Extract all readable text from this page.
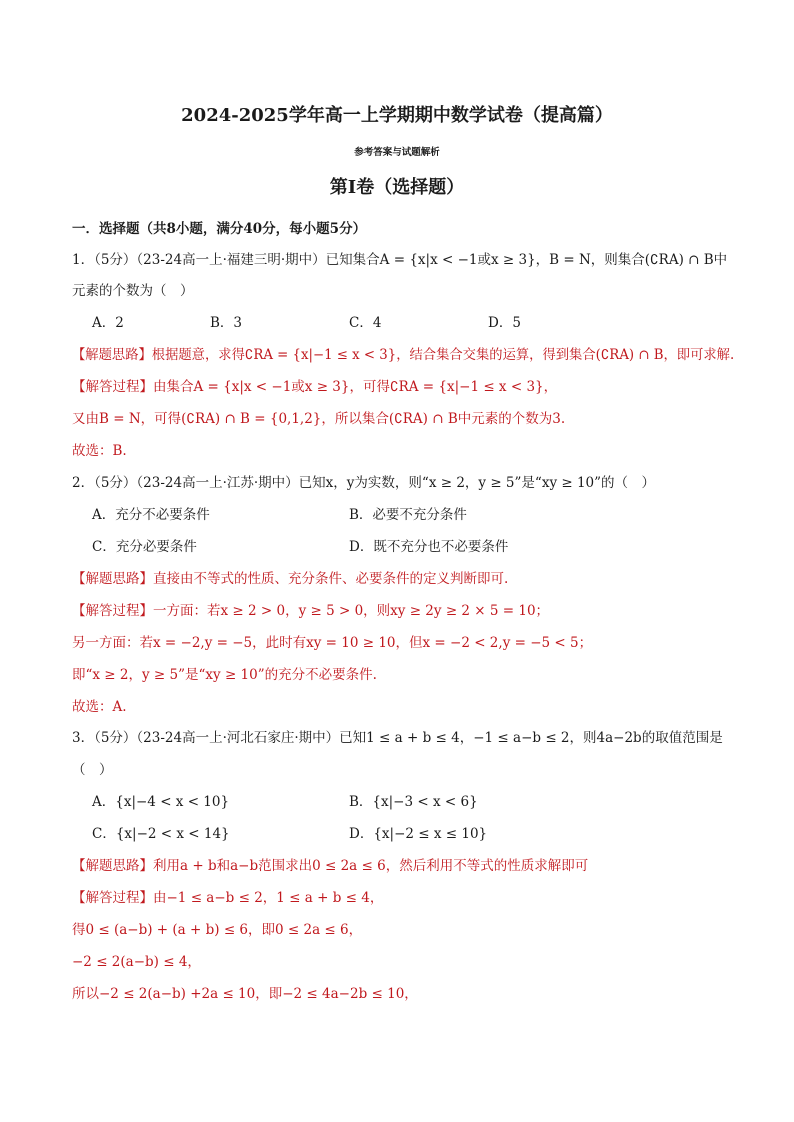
2024-2025学年高一上学期期中数学试卷（提高篇）
参考答案与试题解析
第Ⅰ卷（选择题）
一．选择题（共8小题，满分40分，每小题5分）
1．（5分）（23-24高一上·福建三明·期中）已知集合A = {x|x < −1或x ≥ 3}，B = N，则集合(∁RA) ∩ B中
元素的个数为（　）
A．2	B．3	C．4	D．5
【解题思路】根据题意，求得∁RA = {x|−1 ≤ x < 3}，结合集合交集的运算，得到集合(∁RA) ∩ B，即可求解.
【解答过程】由集合A = {x|x < −1或x ≥ 3}，可得∁RA = {x|−1 ≤ x < 3}，
又由B = N，可得(∁RA) ∩ B = {0,1,2}，所以集合(∁RA) ∩ B中元素的个数为3.
故选：B.
2．（5分）（23-24高一上·江苏·期中）已知x，y为实数，则“x ≥ 2，y ≥ 5”是“xy ≥ 10”的（　）
A．充分不必要条件	B．必要不充分条件
C．充分必要条件	D．既不充分也不必要条件
【解题思路】直接由不等式的性质、充分条件、必要条件的定义判断即可.
【解答过程】一方面：若x ≥ 2 > 0，y ≥ 5 > 0，则xy ≥ 2y ≥ 2 × 5 = 10；
另一方面：若x = −2,y = −5，此时有xy = 10 ≥ 10，但x = −2 < 2,y = −5 < 5；
即“x ≥ 2，y ≥ 5”是“xy ≥ 10”的充分不必要条件.
故选：A.
3．（5分）（23-24高一上·河北石家庄·期中）已知1 ≤ a + b ≤ 4，−1 ≤ a−b ≤ 2，则4a−2b的取值范围是
（　）
A．{x|−4 < x < 10}	B．{x|−3 < x < 6}
C．{x|−2 < x < 14}	D．{x|−2 ≤ x ≤ 10}
【解题思路】利用a + b和a−b范围求出0 ≤ 2a ≤ 6，然后利用不等式的性质求解即可
【解答过程】由−1 ≤ a−b ≤ 2，1 ≤ a + b ≤ 4，
得0 ≤ (a−b) + (a + b) ≤ 6，即0 ≤ 2a ≤ 6，
−2 ≤ 2(a−b) ≤ 4，
所以−2 ≤ 2(a−b) +2a ≤ 10，即−2 ≤ 4a−2b ≤ 10，
